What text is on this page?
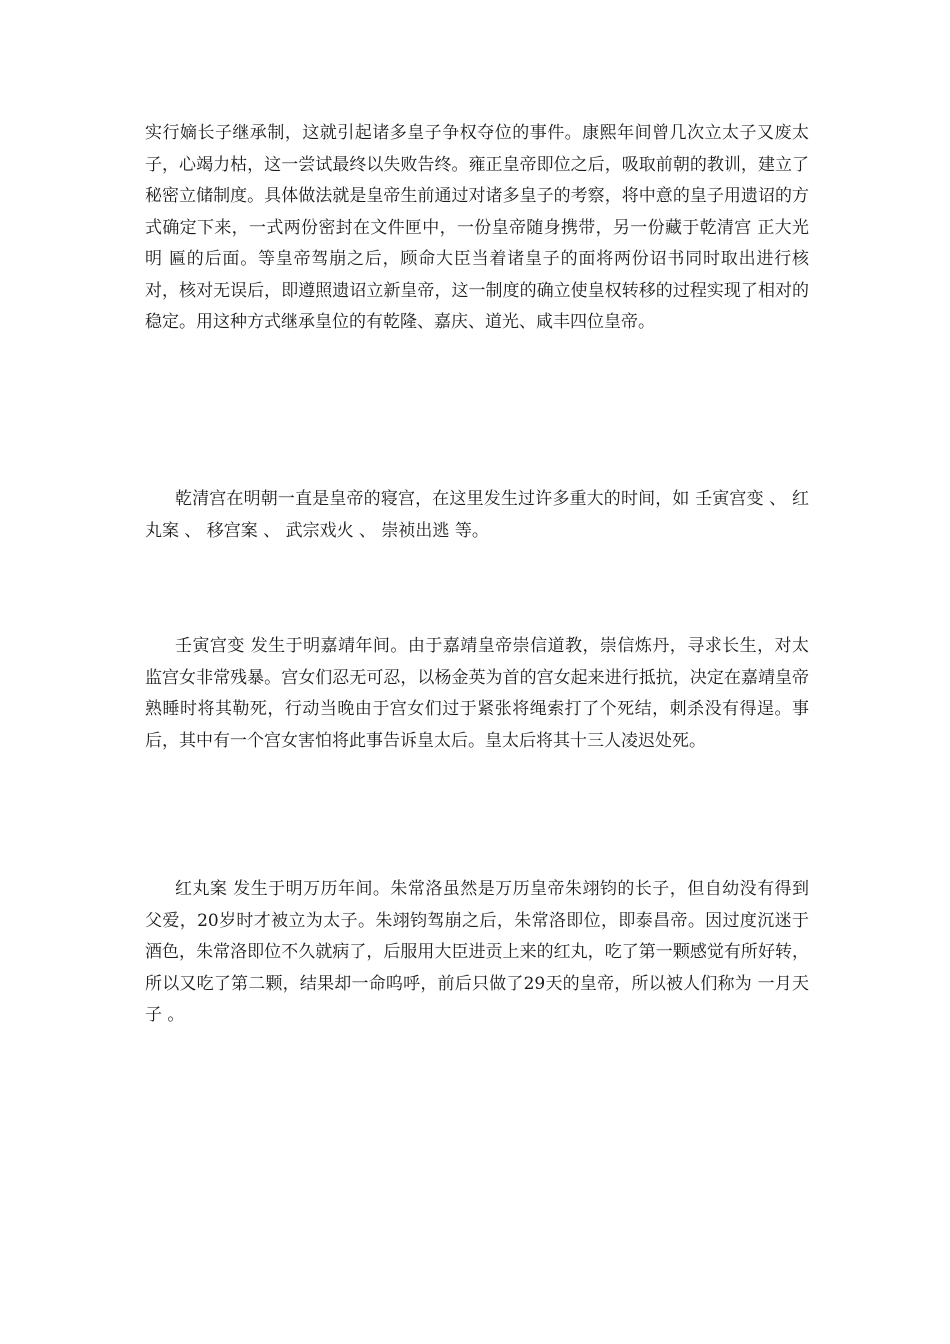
实行嫡长子继承制，这就引起诸多皇子争权夺位的事件。康熙年间曾几次立太子又废太子，心竭力枯，这一尝试最终以失败告终。雍正皇帝即位之后，吸取前朝的教训，建立了秘密立储制度。具体做法就是皇帝生前通过对诸多皇子的考察，将中意的皇子用遗诏的方式确定下来，一式两份密封在文件匣中，一份皇帝随身携带，另一份藏于乾清宫 正大光明 匾的后面。等皇帝驾崩之后，顾命大臣当着诸皇子的面将两份诏书同时取出进行核对，核对无误后，即遵照遗诏立新皇帝，这一制度的确立使皇权转移的过程实现了相对的稳定。用这种方式继承皇位的有乾隆、嘉庆、道光、咸丰四位皇帝。

乾清宫在明朝一直是皇帝的寝宫，在这里发生过许多重大的时间，如 壬寅宫变 、 红丸案 、 移宫案 、 武宗戏火 、 崇祯出逃 等。

壬寅宫变 发生于明嘉靖年间。由于嘉靖皇帝崇信道教，崇信炼丹，寻求长生，对太监宫女非常残暴。宫女们忍无可忍，以杨金英为首的宫女起来进行抵抗，决定在嘉靖皇帝熟睡时将其勒死，行动当晚由于宫女们过于紧张将绳索打了个死结，刺杀没有得逞。事后，其中有一个宫女害怕将此事告诉皇太后。皇太后将其十三人凌迟处死。

红丸案 发生于明万历年间。朱常洛虽然是万历皇帝朱翊钧的长子，但自幼没有得到父爱，20岁时才被立为太子。朱翊钧驾崩之后，朱常洛即位，即泰昌帝。因过度沉迷于酒色，朱常洛即位不久就病了，后服用大臣进贡上来的红丸，吃了第一颗感觉有所好转，所以又吃了第二颗，结果却一命呜呼，前后只做了29天的皇帝，所以被人们称为 一月天子 。
